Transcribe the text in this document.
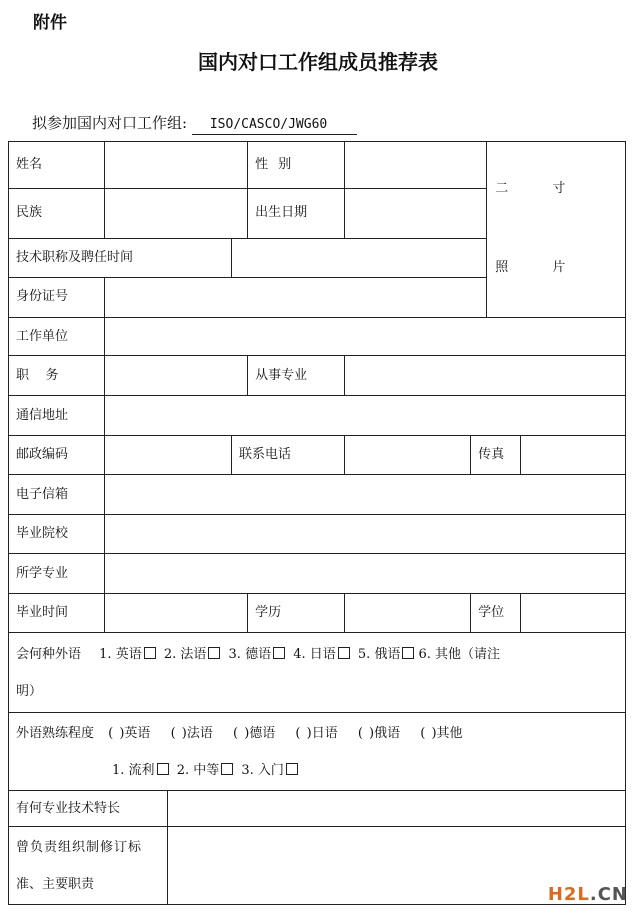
附件
国内对口工作组成员推荐表
拟参加国内对口工作组: ISO/CASCO/JWG60
姓名				性 别			二 寸
照 片	

民族				出生日期				
技术职称及聘任时间								
身份证号								
工作单位								
职    务				从事专业				
通信地址								
邮政编码			联系电话			传真		
电子信箱								
毕业院校								
所学专业								
毕业时间				学历		学位		

会何种外语 1. 英语 2. 法语 3. 德语 4. 日语 5. 俄语 6. 其他（请注
明）								

外语熟练程度 ( )英语 ( )法语 ( )德语 ( )日语 ( )俄语 ( )其他
1. 流利 2. 中等 3. 入门								

有何专业技术特长								

曾负责组织制修订标
准、主要职责								
		H2L.CN
